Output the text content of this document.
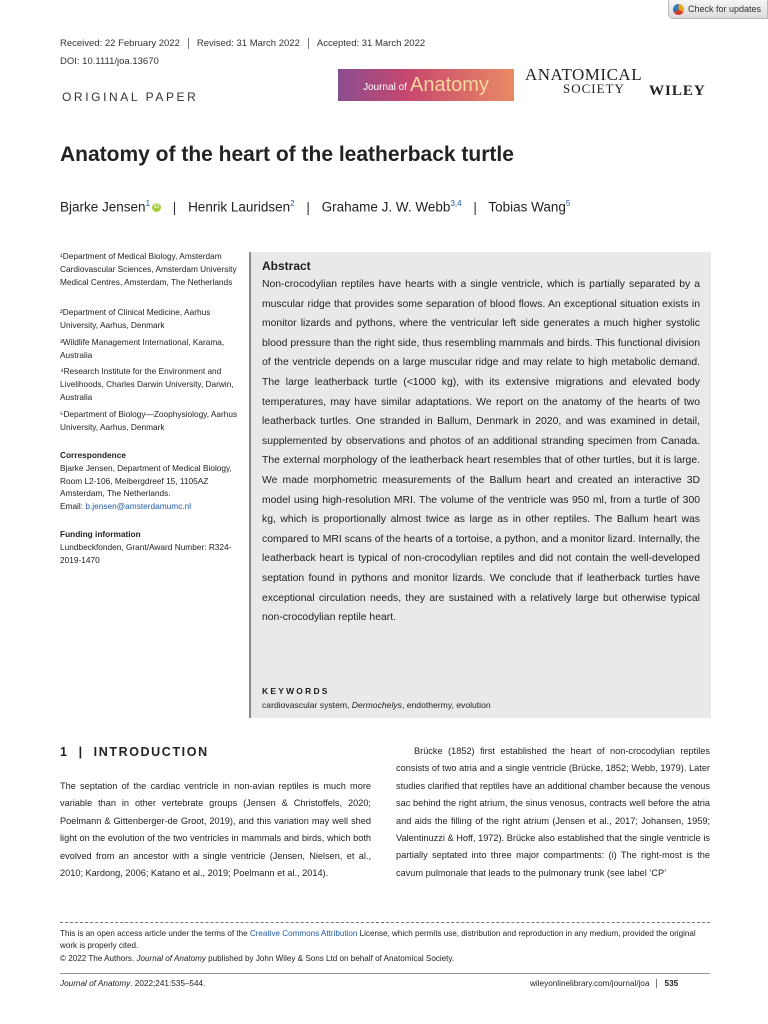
Check for updates
Received: 22 February 2022 Revised: 31 March 2022 Accepted: 31 March 2022
DOI: 10.1111/joa.13670
ORIGINAL PAPER
Journal of Anatomy ANATOMICAL
SOCIETY	WILEY
Anatomy of the heart of the leatherback turtle
Bjarke Jensen$^1$ iD | Henrik Lauridsen$^2$ | Grahame J. W. Webb$^{3,4}$ | Tobias Wang$^5$
¹Department of Medical Biology, Amsterdam Cardiovascular Sciences, Amsterdam University Medical Centres, Amsterdam, The Netherlands
²Department of Clinical Medicine, Aarhus University, Aarhus, Denmark
³Wildlife Management International, Karama, Australia
⁴Research Institute for the Environment and Livelihoods, Charles Darwin University, Darwin, Australia
⁵Department of Biology—Zoophysiology, Aarhus University, Aarhus, Denmark
Correspondence
Bjarke Jensen, Department of Medical Biology, Room L2-106, Meibergdreef 15, 1105AZ Amsterdam, The Netherlands.
Email: b.jensen@amsterdamumc.nl
Funding information
Lundbeckfonden, Grant/Award Number: R324-2019-1470
Abstract
Non-crocodylian reptiles have hearts with a single ventricle, which is partially separated by a muscular ridge that provides some separation of blood flows. An exceptional situation exists in monitor lizards and pythons, where the ventricular left side generates a much higher systolic blood pressure than the right side, thus resembling mammals and birds. This functional division of the ventricle depends on a large muscular ridge and may relate to high metabolic demand. The large leatherback turtle (<1000 kg), with its extensive migrations and elevated body temperatures, may have similar adaptations. We report on the anatomy of the hearts of two leatherback turtles. One stranded in Ballum, Denmark in 2020, and was examined in detail, supplemented by observations and photos of an additional stranding specimen from Canada. The external morphology of the leatherback heart resembles that of other turtles, but it is large. We made morphometric measurements of the Ballum heart and created an interactive 3D model using high-resolution MRI. The volume of the ventricle was 950 ml, from a turtle of 300 kg, which is proportionally almost twice as large as in other reptiles. The Ballum heart was compared to MRI scans of the hearts of a tortoise, a python, and a monitor lizard. Internally, the leatherback heart is typical of non-crocodylian reptiles and did not contain the well-developed septation found in pythons and monitor lizards. We conclude that if leatherback turtles have exceptional circulation needs, they are sustained with a relatively large but otherwise typical non-crocodylian reptile heart.
KEYWORDS
cardiovascular system, Dermochelys, endothermy, evolution
1 | INTRODUCTION
The septation of the cardiac ventricle in non-avian reptiles is much more variable than in other vertebrate groups (Jensen & Christoffels, 2020; Poelmann & Gittenberger-de Groot, 2019), and this variation may well shed light on the evolution of the two ventricles in mammals and birds, which both evolved from an ancestor with a single ventricle (Jensen, Nielsen, et al., 2010; Kardong, 2006; Katano et al., 2019; Poelmann et al., 2014).
Brücke (1852) first established the heart of non-crocodylian reptiles consists of two atria and a single ventricle (Brücke, 1852; Webb, 1979). Later studies clarified that reptiles have an additional chamber because the venous sac behind the right atrium, the sinus venosus, contracts well before the atria and aids the filling of the right atrium (Jensen et al., 2017; Johansen, 1959; Valentinuzzi & Hoff, 1972). Brücke also established that the single ventricle is partially septated into three major compartments: (i) The right-most is the cavum pulmonale that leads to the pulmonary trunk (see label ‘CP’
This is an open access article under the terms of the Creative Commons Attribution License, which permits use, distribution and reproduction in any medium, provided the original work is properly cited.
© 2022 The Authors. Journal of Anatomy published by John Wiley & Sons Ltd on behalf of Anatomical Society.
Journal of Anatomy. 2022;241:535–544.	wileyonlinelibrary.com/journal/joa 535
